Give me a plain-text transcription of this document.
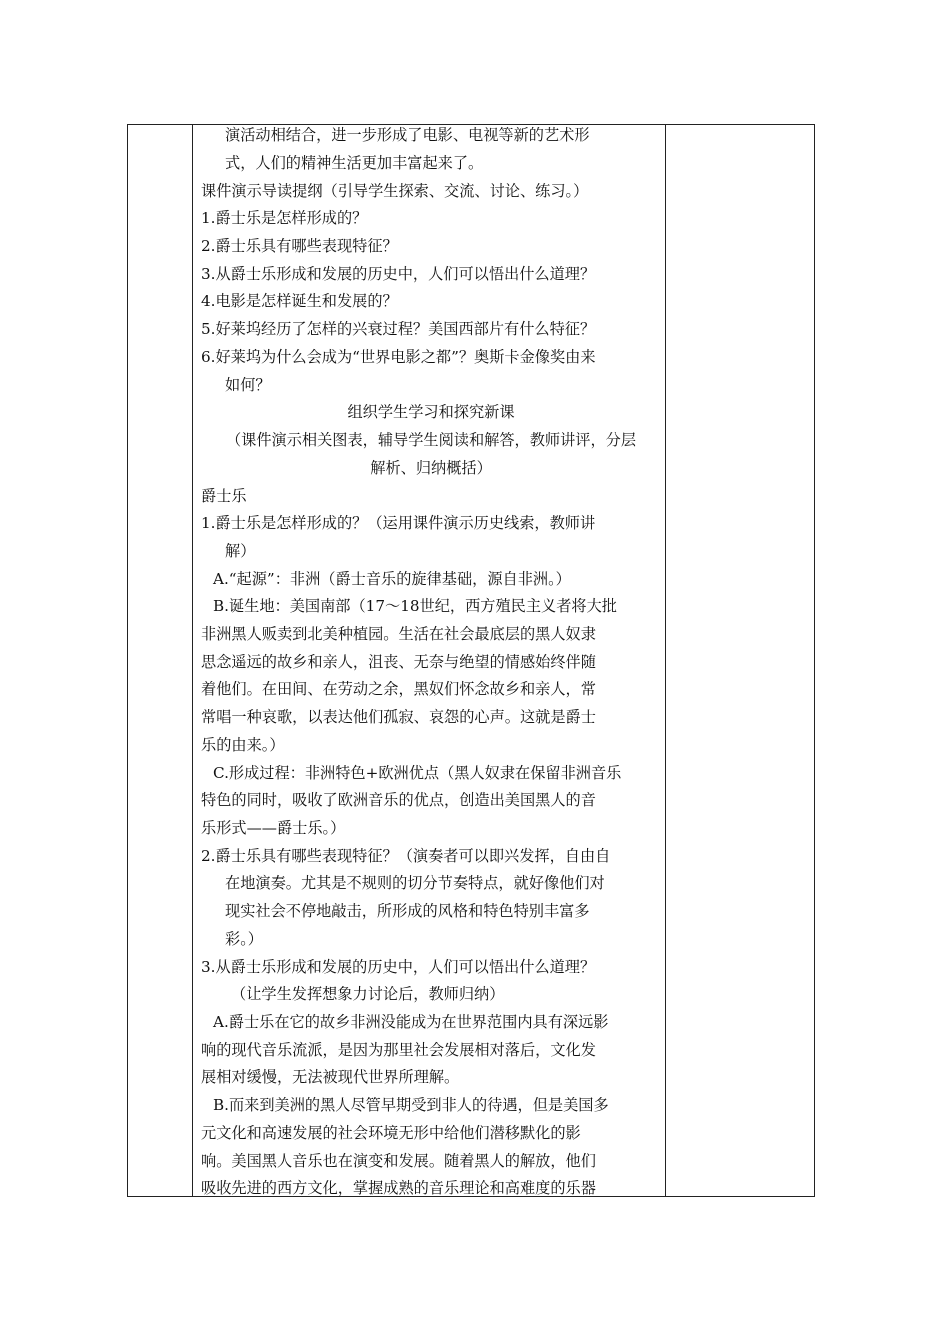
演活动相结合，进一步形成了电影、电视等新的艺术形
式，人们的精神生活更加丰富起来了。
课件演示导读提纲（引导学生探索、交流、讨论、练习。）
1.爵士乐是怎样形成的？
2.爵士乐具有哪些表现特征？
3.从爵士乐形成和发展的历史中，人们可以悟出什么道理？
4.电影是怎样诞生和发展的？
5.好莱坞经历了怎样的兴衰过程？美国西部片有什么特征？
6.好莱坞为什么会成为“世界电影之都”？奥斯卡金像奖由来
如何？
组织学生学习和探究新课
（课件演示相关图表，辅导学生阅读和解答，教师讲评，分层
解析、归纳概括）
爵士乐
1.爵士乐是怎样形成的？（运用课件演示历史线索，教师讲
解）
A.“起源”：非洲（爵士音乐的旋律基础，源自非洲。）
B.诞生地：美国南部（17～18世纪，西方殖民主义者将大批
非洲黑人贩卖到北美种植园。生活在社会最底层的黑人奴隶
思念遥远的故乡和亲人，沮丧、无奈与绝望的情感始终伴随
着他们。在田间、在劳动之余，黑奴们怀念故乡和亲人，常
常唱一种哀歌，以表达他们孤寂、哀怨的心声。这就是爵士
乐的由来。）
C.形成过程：非洲特色+欧洲优点（黑人奴隶在保留非洲音乐
特色的同时，吸收了欧洲音乐的优点，创造出美国黑人的音
乐形式——爵士乐。）
2.爵士乐具有哪些表现特征？（演奏者可以即兴发挥，自由自
在地演奏。尤其是不规则的切分节奏特点，就好像他们对
现实社会不停地敲击，所形成的风格和特色特别丰富多
彩。）
3.从爵士乐形成和发展的历史中，人们可以悟出什么道理？
（让学生发挥想象力讨论后，教师归纳）
A.爵士乐在它的故乡非洲没能成为在世界范围内具有深远影
响的现代音乐流派，是因为那里社会发展相对落后，文化发
展相对缓慢，无法被现代世界所理解。
B.而来到美洲的黑人尽管早期受到非人的待遇，但是美国多
元文化和高速发展的社会环境无形中给他们潜移默化的影
响。美国黑人音乐也在演变和发展。随着黑人的解放，他们
吸收先进的西方文化，掌握成熟的音乐理论和高难度的乐器
